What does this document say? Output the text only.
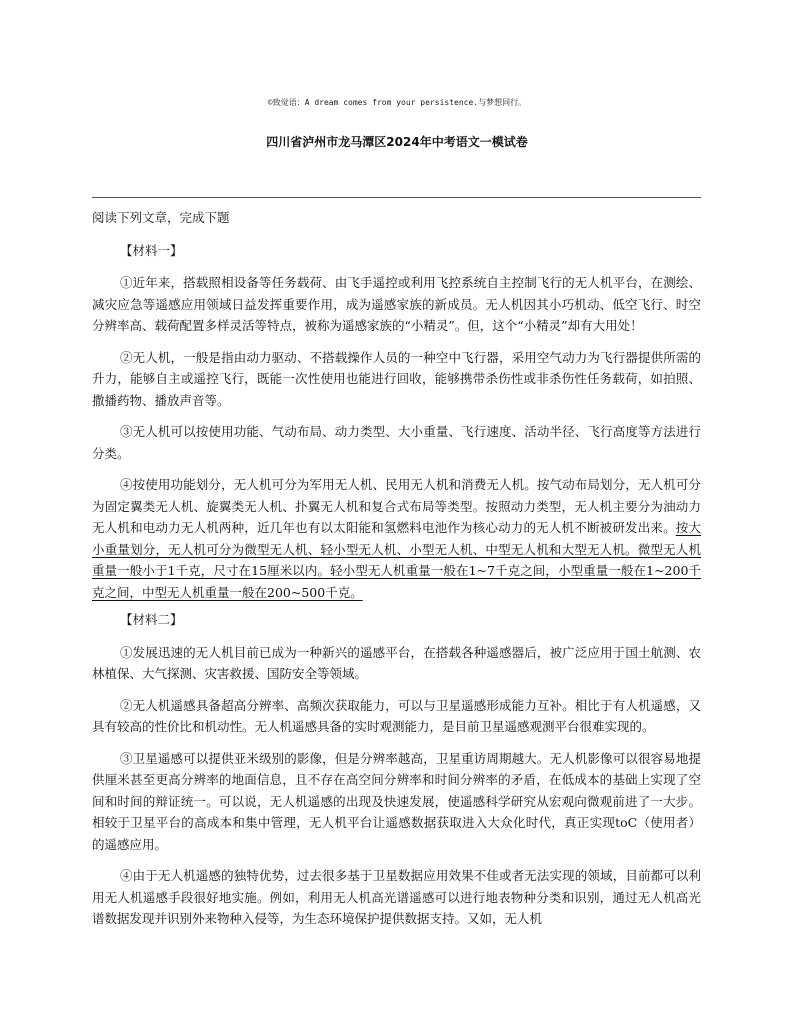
©致觉语：A dream comes from your persistence.与梦想同行。
四川省泸州市龙马潭区2024年中考语文一模试卷

阅读下列文章，完成下题

【材料一】

①近年来，搭载照相设备等任务载荷、由飞手遥控或利用飞控系统自主控制飞行的无人机平台，在测绘、减灾应急等遥感应用领域日益发挥重要作用，成为遥感家族的新成员。无人机因其小巧机动、低空飞行、时空分辨率高、载荷配置多样灵活等特点，被称为遥感家族的“小精灵”。但，这个“小精灵”却有大用处！

②无人机，一般是指由动力驱动、不搭载操作人员的一种空中飞行器，采用空气动力为飞行器提供所需的升力，能够自主或遥控飞行，既能一次性使用也能进行回收，能够携带杀伤性或非杀伤性任务载荷，如拍照、撒播药物、播放声音等。

③无人机可以按使用功能、气动布局、动力类型、大小重量、飞行速度、活动半径、飞行高度等方法进行分类。

④按使用功能划分，无人机可分为军用无人机、民用无人机和消费无人机。按气动布局划分，无人机可分为固定翼类无人机、旋翼类无人机、扑翼无人机和复合式布局等类型。按照动力类型，无人机主要分为油动力无人机和电动力无人机两种，近几年也有以太阳能和氢燃料电池作为核心动力的无人机不断被研发出来。按大小重量划分，无人机可分为微型无人机、轻小型无人机、小型无人机、中型无人机和大型无人机。微型无人机重量一般小于1千克，尺寸在15厘米以内。轻小型无人机重量一般在1~7千克之间，小型重量一般在1~200千克之间，中型无人机重量一般在200~500千克。

【材料二】

①发展迅速的无人机目前已成为一种新兴的遥感平台，在搭载各种遥感器后，被广泛应用于国土航测、农林植保、大气探测、灾害救援、国防安全等领域。

②无人机遥感具备超高分辨率、高频次获取能力，可以与卫星遥感形成能力互补。相比于有人机遥感，又具有较高的性价比和机动性。无人机遥感具备的实时观测能力，是目前卫星遥感观测平台很难实现的。

③卫星遥感可以提供亚米级别的影像，但是分辨率越高，卫星重访周期越大。无人机影像可以很容易地提供厘米甚至更高分辨率的地面信息，且不存在高空间分辨率和时间分辨率的矛盾，在低成本的基础上实现了空间和时间的辩证统一。可以说，无人机遥感的出现及快速发展，使遥感科学研究从宏观向微观前进了一大步。相较于卫星平台的高成本和集中管理，无人机平台让遥感数据获取进入大众化时代，真正实现toC（使用者）的遥感应用。

④由于无人机遥感的独特优势，过去很多基于卫星数据应用效果不佳或者无法实现的领域，目前都可以利用无人机遥感手段很好地实施。例如，利用无人机高光谱遥感可以进行地表物种分类和识别，通过无人机高光谱数据发现并识别外来物种入侵等，为生态环境保护提供数据支持。又如，无人机
